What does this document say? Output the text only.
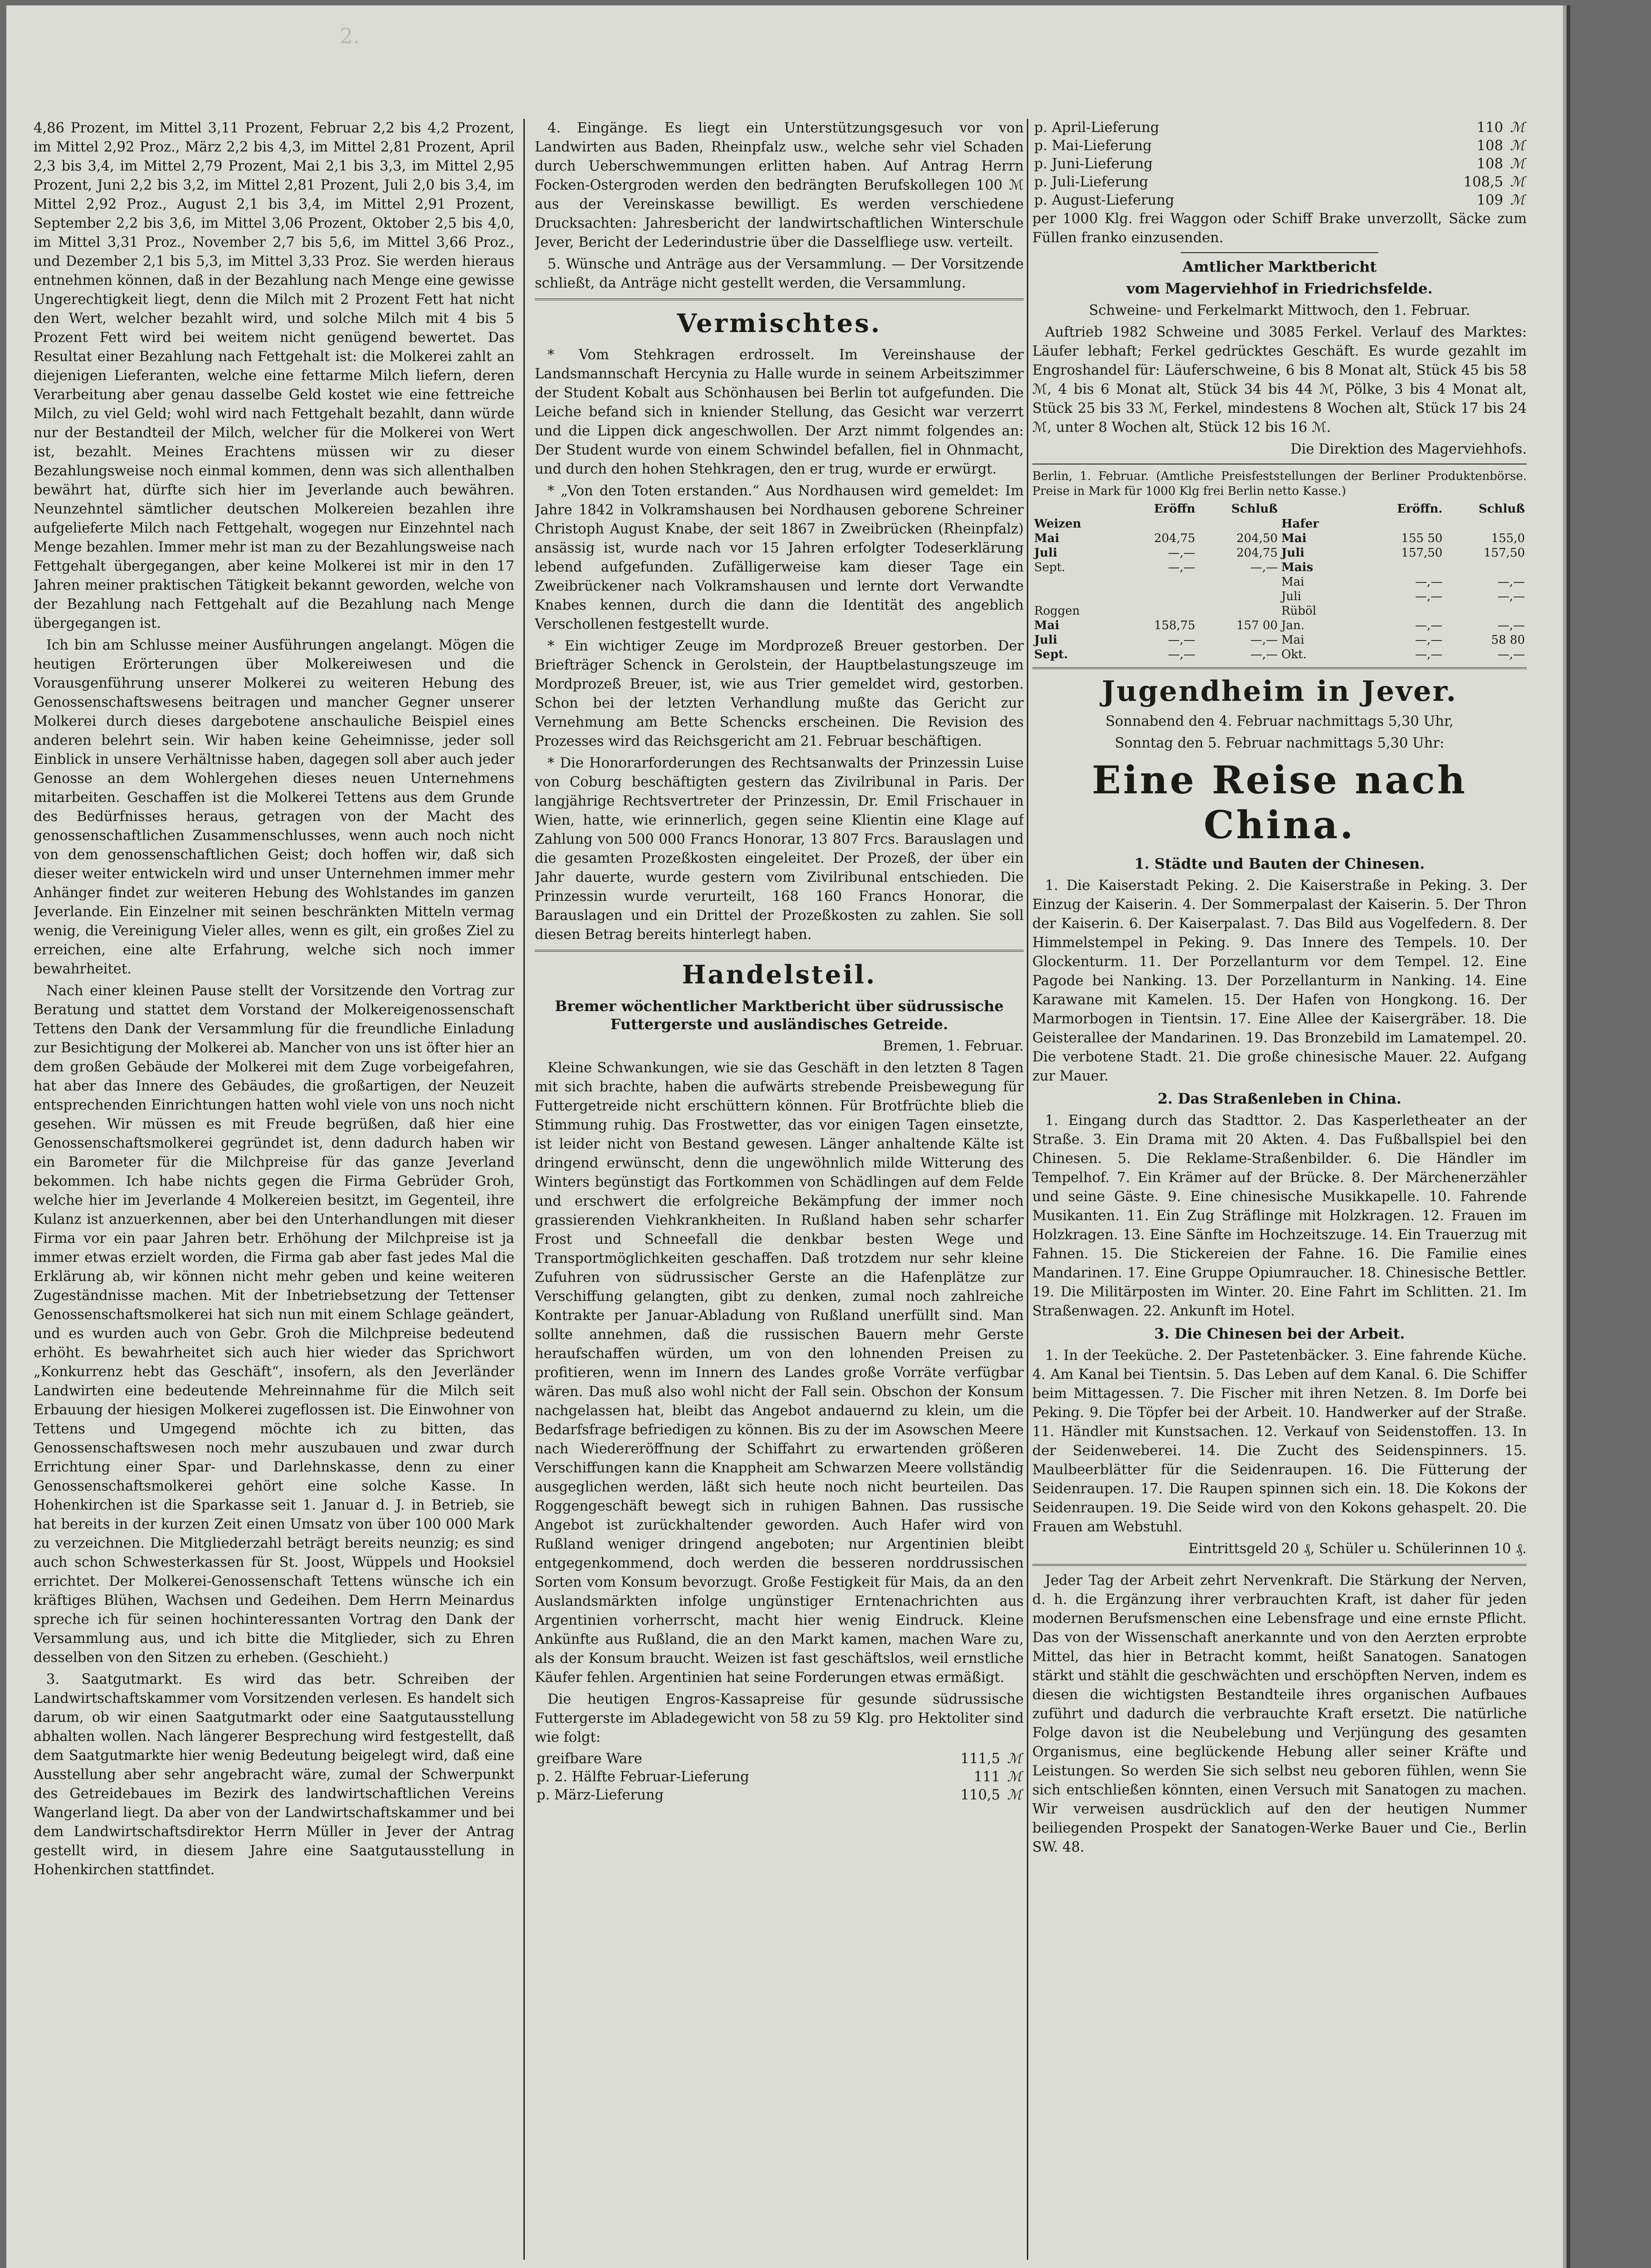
2.

4,86 Prozent, im Mittel 3,11 Prozent, Februar 2,2 bis 4,2 Prozent, im Mittel 2,92 Proz., März 2,2 bis 4,3, im Mittel 2,81 Prozent, April 2,3 bis 3,4, im Mittel 2,79 Prozent, Mai 2,1 bis 3,3, im Mittel 2,95 Prozent, Juni 2,2 bis 3,2, im Mittel 2,81 Prozent, Juli 2,0 bis 3,4, im Mittel 2,92 Proz., August 2,1 bis 3,4, im Mittel 2,91 Prozent, September 2,2 bis 3,6, im Mittel 3,06 Prozent, Oktober 2,5 bis 4,0, im Mittel 3,31 Proz., November 2,7 bis 5,6, im Mittel 3,66 Proz., und Dezember 2,1 bis 5,3, im Mittel 3,33 Proz. Sie werden hieraus entnehmen können, daß in der Bezahlung nach Menge eine gewisse Ungerechtigkeit liegt, denn die Milch mit 2 Prozent Fett hat nicht den Wert, welcher bezahlt wird, und solche Milch mit 4 bis 5 Prozent Fett wird bei weitem nicht genügend bewertet. Das Resultat einer Bezahlung nach Fettgehalt ist: die Molkerei zahlt an diejenigen Lieferanten, welche eine fettarme Milch liefern, deren Verarbeitung aber genau dasselbe Geld kostet wie eine fettreiche Milch, zu viel Geld; wohl wird nach Fettgehalt bezahlt, dann würde nur der Bestandteil der Milch, welcher für die Molkerei von Wert ist, bezahlt. Meines Erachtens müssen wir zu dieser Bezahlungsweise noch einmal kommen, denn was sich allenthalben bewährt hat, dürfte sich hier im Jeverlande auch bewähren. Neunzehntel sämtlicher deutschen Molkereien bezahlen ihre aufgelieferte Milch nach Fettgehalt, wogegen nur Einzehntel nach Menge bezahlen. Immer mehr ist man zu der Bezahlungsweise nach Fettgehalt übergegangen, aber keine Molkerei ist mir in den 17 Jahren meiner praktischen Tätigkeit bekannt geworden, welche von der Bezahlung nach Fettgehalt auf die Bezahlung nach Menge übergegangen ist.

Ich bin am Schlusse meiner Ausführungen angelangt. Mögen die heutigen Erörterungen über Molkereiwesen und die Vorausgenführung unserer Molkerei zu weiteren Hebung des Genossenschaftswesens beitragen und mancher Gegner unserer Molkerei durch dieses dargebotene anschauliche Beispiel eines anderen belehrt sein. Wir haben keine Geheimnisse, jeder soll Einblick in unsere Verhältnisse haben, dagegen soll aber auch jeder Genosse an dem Wohlergehen dieses neuen Unternehmens mitarbeiten. Geschaffen ist die Molkerei Tettens aus dem Grunde des Bedürfnisses heraus, getragen von der Macht des genossenschaftlichen Zusammenschlusses, wenn auch noch nicht von dem genossenschaftlichen Geist; doch hoffen wir, daß sich dieser weiter entwickeln wird und unser Unternehmen immer mehr Anhänger findet zur weiteren Hebung des Wohlstandes im ganzen Jeverlande. Ein Einzelner mit seinen beschränkten Mitteln vermag wenig, die Vereinigung Vieler alles, wenn es gilt, ein großes Ziel zu erreichen, eine alte Erfahrung, welche sich noch immer bewahrheitet.

Nach einer kleinen Pause stellt der Vorsitzende den Vortrag zur Beratung und stattet dem Vorstand der Molkereigenossenschaft Tettens den Dank der Versammlung für die freundliche Einladung zur Besichtigung der Molkerei ab. Mancher von uns ist öfter hier an dem großen Gebäude der Molkerei mit dem Zuge vorbeigefahren, hat aber das Innere des Gebäudes, die großartigen, der Neuzeit entsprechenden Einrichtungen hatten wohl viele von uns noch nicht gesehen. Wir müssen es mit Freude begrüßen, daß hier eine Genossenschaftsmolkerei gegründet ist, denn dadurch haben wir ein Barometer für die Milchpreise für das ganze Jeverland bekommen. Ich habe nichts gegen die Firma Gebrüder Groh, welche hier im Jeverlande 4 Molkereien besitzt, im Gegenteil, ihre Kulanz ist anzuerkennen, aber bei den Unterhandlungen mit dieser Firma vor ein paar Jahren betr. Erhöhung der Milchpreise ist ja immer etwas erzielt worden, die Firma gab aber fast jedes Mal die Erklärung ab, wir können nicht mehr geben und keine weiteren Zugeständnisse machen. Mit der Inbetriebsetzung der Tettenser Genossenschaftsmolkerei hat sich nun mit einem Schlage geändert, und es wurden auch von Gebr. Groh die Milchpreise bedeutend erhöht. Es bewahrheitet sich auch hier wieder das Sprichwort „Konkurrenz hebt das Geschäft“, insofern, als den Jeverländer Landwirten eine bedeutende Mehreinnahme für die Milch seit Erbauung der hiesigen Molkerei zugeflossen ist. Die Einwohner von Tettens und Umgegend möchte ich zu bitten, das Genossenschaftswesen noch mehr auszubauen und zwar durch Errichtung einer Spar- und Darlehnskasse, denn zu einer Genossenschaftsmolkerei gehört eine solche Kasse. In Hohenkirchen ist die Sparkasse seit 1. Januar d. J. in Betrieb, sie hat bereits in der kurzen Zeit einen Umsatz von über 100 000 Mark zu verzeichnen. Die Mitgliederzahl beträgt bereits neunzig; es sind auch schon Schwesterkassen für St. Joost, Wüppels und Hooksiel errichtet. Der Molkerei-Genossenschaft Tettens wünsche ich ein kräftiges Blühen, Wachsen und Gedeihen. Dem Herrn Meinardus spreche ich für seinen hochinteressanten Vortrag den Dank der Versammlung aus, und ich bitte die Mitglieder, sich zu Ehren desselben von den Sitzen zu erheben. (Geschieht.)

3. Saatgutmarkt. Es wird das betr. Schreiben der Landwirtschaftskammer vom Vorsitzenden verlesen. Es handelt sich darum, ob wir einen Saatgutmarkt oder eine Saatgutausstellung abhalten wollen. Nach längerer Besprechung wird festgestellt, daß dem Saatgutmarkte hier wenig Bedeutung beigelegt wird, daß eine Ausstellung aber sehr angebracht wäre, zumal der Schwerpunkt des Getreidebaues im Bezirk des landwirtschaftlichen Vereins Wangerland liegt. Da aber von der Landwirtschaftskammer und bei dem Landwirtschaftsdirektor Herrn Müller in Jever der Antrag gestellt wird, in diesem Jahre eine Saatgutausstellung in Hohenkirchen stattfindet.

4. Eingänge. Es liegt ein Unterstützungsgesuch vor von Landwirten aus Baden, Rheinpfalz usw., welche sehr viel Schaden durch Ueberschwemmungen erlitten haben. Auf Antrag Herrn Focken-Ostergroden werden den bedrängten Berufskollegen 100 ℳ aus der Vereinskasse bewilligt. Es werden verschiedene Drucksachten: Jahresbericht der landwirtschaftlichen Winterschule Jever, Bericht der Lederindustrie über die Dasselfliege usw. verteilt.

5. Wünsche und Anträge aus der Versammlung. — Der Vorsitzende schließt, da Anträge nicht gestellt werden, die Versammlung.

Vermischtes.

* Vom Stehkragen erdrosselt. Im Vereinshause der Landsmannschaft Hercynia zu Halle wurde in seinem Arbeitszimmer der Student Kobalt aus Schönhausen bei Berlin tot aufgefunden. Die Leiche befand sich in kniender Stellung, das Gesicht war verzerrt und die Lippen dick angeschwollen. Der Arzt nimmt folgendes an: Der Student wurde von einem Schwindel befallen, fiel in Ohnmacht, und durch den hohen Stehkragen, den er trug, wurde er erwürgt.

* „Von den Toten erstanden.“ Aus Nordhausen wird gemeldet: Im Jahre 1842 in Volkramshausen bei Nordhausen geborene Schreiner Christoph August Knabe, der seit 1867 in Zweibrücken (Rheinpfalz) ansässig ist, wurde nach vor 15 Jahren erfolgter Todeserklärung lebend aufgefunden. Zufälligerweise kam dieser Tage ein Zweibrückener nach Volkramshausen und lernte dort Verwandte Knabes kennen, durch die dann die Identität des angeblich Verschollenen festgestellt wurde.

* Ein wichtiger Zeuge im Mordprozeß Breuer gestorben. Der Briefträger Schenck in Gerolstein, der Hauptbelastungszeuge im Mordprozeß Breuer, ist, wie aus Trier gemeldet wird, gestorben. Schon bei der letzten Verhandlung mußte das Gericht zur Vernehmung am Bette Schencks erscheinen. Die Revision des Prozesses wird das Reichsgericht am 21. Februar beschäftigen.

* Die Honorarforderungen des Rechtsanwalts der Prinzessin Luise von Coburg beschäftigten gestern das Zivilribunal in Paris. Der langjährige Rechtsvertreter der Prinzessin, Dr. Emil Frischauer in Wien, hatte, wie erinnerlich, gegen seine Klientin eine Klage auf Zahlung von 500 000 Francs Honorar, 13 807 Frcs. Barauslagen und die gesamten Prozeßkosten eingeleitet. Der Prozeß, der über ein Jahr dauerte, wurde gestern vom Zivilribunal entschieden. Die Prinzessin wurde verurteilt, 168 160 Francs Honorar, die Barauslagen und ein Drittel der Prozeßkosten zu zahlen. Sie soll diesen Betrag bereits hinterlegt haben.

Handelsteil.
Bremer wöchentlicher Marktbericht über südrussische Futtergerste und ausländisches Getreide.

Bremen, 1. Februar.

Kleine Schwankungen, wie sie das Geschäft in den letzten 8 Tagen mit sich brachte, haben die aufwärts strebende Preisbewegung für Futtergetreide nicht erschüttern können. Für Brotfrüchte blieb die Stimmung ruhig. Das Frostwetter, das vor einigen Tagen einsetzte, ist leider nicht von Bestand gewesen. Länger anhaltende Kälte ist dringend erwünscht, denn die ungewöhnlich milde Witterung des Winters begünstigt das Fortkommen von Schädlingen auf dem Felde und erschwert die erfolgreiche Bekämpfung der immer noch grassierenden Viehkrankheiten. In Rußland haben sehr scharfer Frost und Schneefall die denkbar besten Wege und Transportmöglichkeiten geschaffen. Daß trotzdem nur sehr kleine Zufuhren von südrussischer Gerste an die Hafenplätze zur Verschiffung gelangten, gibt zu denken, zumal noch zahlreiche Kontrakte per Januar-Abladung von Rußland unerfüllt sind. Man sollte annehmen, daß die russischen Bauern mehr Gerste heraufschaffen würden, um von den lohnenden Preisen zu profitieren, wenn im Innern des Landes große Vorräte verfügbar wären. Das muß also wohl nicht der Fall sein. Obschon der Konsum nachgelassen hat, bleibt das Angebot andauernd zu klein, um die Bedarfsfrage befriedigen zu können. Bis zu der im Asowschen Meere nach Wiedereröffnung der Schiffahrt zu erwartenden größeren Verschiffungen kann die Knappheit am Schwarzen Meere vollständig ausgeglichen werden, läßt sich heute noch nicht beurteilen. Das Roggengeschäft bewegt sich in ruhigen Bahnen. Das russische Angebot ist zurückhaltender geworden. Auch Hafer wird von Rußland weniger dringend angeboten; nur Argentinien bleibt entgegenkommend, doch werden die besseren norddrussischen Sorten vom Konsum bevorzugt. Große Festigkeit für Mais, da an den Auslandsmärkten infolge ungünstiger Erntenachrichten aus Argentinien vorherrscht, macht hier wenig Eindruck. Kleine Ankünfte aus Rußland, die an den Markt kamen, machen Ware zu, als der Konsum braucht. Weizen ist fast geschäftslos, weil ernstliche Käufer fehlen. Argentinien hat seine Forderungen etwas ermäßigt.

Die heutigen Engros-Kassapreise für gesunde südrussische Futtergerste im Abladegewicht von 58 zu 59 Klg. pro Hektoliter sind wie folgt:

greifbare Ware	111,5	ℳ
p. 2. Hälfte Februar-Lieferung	111	ℳ
p. März-Lieferung	110,5	ℳ
p. April-Lieferung	110	ℳ
p. Mai-Lieferung	108	ℳ
p. Juni-Lieferung	108	ℳ
p. Juli-Lieferung	108,5	ℳ
p. August-Lieferung	109	ℳ

per 1000 Klg. frei Waggon oder Schiff Brake unverzollt, Säcke zum Füllen franko einzusenden.

Amtlicher Marktbericht
vom Magerviehhof in Friedrichsfelde.

Schweine- und Ferkelmarkt Mittwoch, den 1. Februar.

Auftrieb 1982 Schweine und 3085 Ferkel. Verlauf des Marktes: Läufer lebhaft; Ferkel gedrücktes Geschäft. Es wurde gezahlt im Engroshandel für: Läuferschweine, 6 bis 8 Monat alt, Stück 45 bis 58 ℳ, 4 bis 6 Monat alt, Stück 34 bis 44 ℳ, Pölke, 3 bis 4 Monat alt, Stück 25 bis 33 ℳ, Ferkel, mindestens 8 Wochen alt, Stück 17 bis 24 ℳ, unter 8 Wochen alt, Stück 12 bis 16 ℳ.

Die Direktion des Magerviehhofs.

Berlin, 1. Februar. (Amtliche Preisfeststellungen der Berliner Produktenbörse. Preise in Mark für 1000 Klg frei Berlin netto Kasse.)

	Eröffn	Schluß		Eröffn.	Schluß
Weizen			Hafer		
Mai	204,75	204,50	Mai	155 50	155,0
Juli	—,—	204,75	Juli	157,50	157,50
Sept.	—,—	—,—	Mais		
			Mai	—,—	—,—
			Juli	—,—	—,—
Roggen			Rüböl		
Mai	158,75	157 00	Jan.	—,—	—,—
Juli	—,—	—,—	Mai	—,—	58 80
Sept.	—,—	—,—	Okt.	—,—	—,—
Jugendheim in Jever.

Sonnabend den 4. Februar nachmittags 5,30 Uhr,

Sonntag den 5. Februar nachmittags 5,30 Uhr:

Eine Reise nach China.
1. Städte und Bauten der Chinesen.

1. Die Kaiserstadt Peking. 2. Die Kaiserstraße in Peking. 3. Der Einzug der Kaiserin. 4. Der Sommerpalast der Kaiserin. 5. Der Thron der Kaiserin. 6. Der Kaiserpalast. 7. Das Bild aus Vogelfedern. 8. Der Himmelstempel in Peking. 9. Das Innere des Tempels. 10. Der Glockenturm. 11. Der Porzellanturm vor dem Tempel. 12. Eine Pagode bei Nanking. 13. Der Porzellanturm in Nanking. 14. Eine Karawane mit Kamelen. 15. Der Hafen von Hongkong. 16. Der Marmorbogen in Tientsin. 17. Eine Allee der Kaisergräber. 18. Die Geisterallee der Mandarinen. 19. Das Bronzebild im Lamatempel. 20. Die verbotene Stadt. 21. Die große chinesische Mauer. 22. Aufgang zur Mauer.

2. Das Straßenleben in China.

1. Eingang durch das Stadttor. 2. Das Kasperletheater an der Straße. 3. Ein Drama mit 20 Akten. 4. Das Fußballspiel bei den Chinesen. 5. Die Reklame-Straßenbilder. 6. Die Händler im Tempelhof. 7. Ein Krämer auf der Brücke. 8. Der Märchenerzähler und seine Gäste. 9. Eine chinesische Musikkapelle. 10. Fahrende Musikanten. 11. Ein Zug Sträflinge mit Holzkragen. 12. Frauen im Holzkragen. 13. Eine Sänfte im Hochzeitszuge. 14. Ein Trauerzug mit Fahnen. 15. Die Stickereien der Fahne. 16. Die Familie eines Mandarinen. 17. Eine Gruppe Opiumraucher. 18. Chinesische Bettler. 19. Die Militärposten im Winter. 20. Eine Fahrt im Schlitten. 21. Im Straßenwagen. 22. Ankunft im Hotel.

3. Die Chinesen bei der Arbeit.

1. In der Teeküche. 2. Der Pastetenbäcker. 3. Eine fahrende Küche. 4. Am Kanal bei Tientsin. 5. Das Leben auf dem Kanal. 6. Die Schiffer beim Mittagessen. 7. Die Fischer mit ihren Netzen. 8. Im Dorfe bei Peking. 9. Die Töpfer bei der Arbeit. 10. Handwerker auf der Straße. 11. Händler mit Kunstsachen. 12. Verkauf von Seidenstoffen. 13. In der Seidenweberei. 14. Die Zucht des Seidenspinners. 15. Maulbeerblätter für die Seidenraupen. 16. Die Fütterung der Seidenraupen. 17. Die Raupen spinnen sich ein. 18. Die Kokons der Seidenraupen. 19. Die Seide wird von den Kokons gehaspelt. 20. Die Frauen am Webstuhl.

Eintrittsgeld 20 ₰, Schüler u. Schülerinnen 10 ₰.

Jeder Tag der Arbeit zehrt Nervenkraft. Die Stärkung der Nerven, d. h. die Ergänzung ihrer verbrauchten Kraft, ist daher für jeden modernen Berufsmenschen eine Lebensfrage und eine ernste Pflicht. Das von der Wissenschaft anerkannte und von den Aerzten erprobte Mittel, das hier in Betracht kommt, heißt Sanatogen. Sanatogen stärkt und stählt die geschwächten und erschöpften Nerven, indem es diesen die wichtigsten Bestandteile ihres organischen Aufbaues zuführt und dadurch die verbrauchte Kraft ersetzt. Die natürliche Folge davon ist die Neubelebung und Verjüngung des gesamten Organismus, eine beglückende Hebung aller seiner Kräfte und Leistungen. So werden Sie sich selbst neu geboren fühlen, wenn Sie sich entschließen könnten, einen Versuch mit Sanatogen zu machen. Wir verweisen ausdrücklich auf den der heutigen Nummer beiliegenden Prospekt der Sanatogen-Werke Bauer und Cie., Berlin SW. 48.
